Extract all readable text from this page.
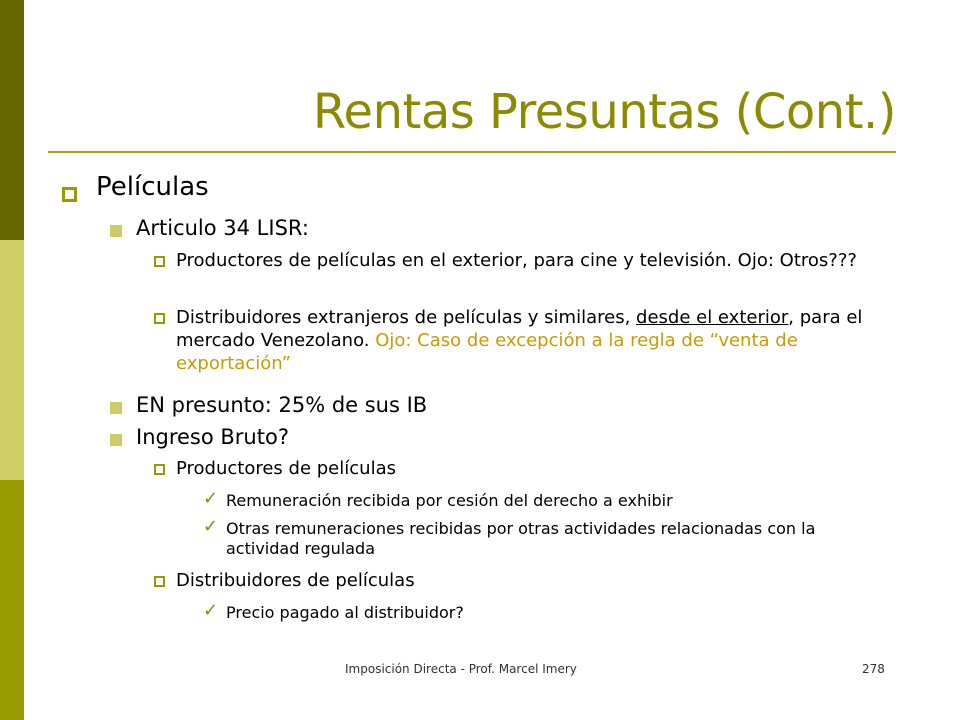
Rentas Presuntas (Cont.)
Películas
Articulo 34 LISR:
Productores de películas en el exterior, para cine y televisión. Ojo: Otros???
Distribuidores extranjeros de películas y similares, desde el exterior, para el mercado Venezolano. Ojo: Caso de excepción a la regla de “venta de exportación”
EN presunto: 25% de sus IB
Ingreso Bruto?
Productores de películas
✓ Remuneración recibida por cesión del derecho a exhibir
✓ Otras remuneraciones recibidas por otras actividades relacionadas con la actividad regulada
Distribuidores de películas
✓ Precio pagado al distribuidor?
Imposición Directa - Prof. Marcel Imery	278
